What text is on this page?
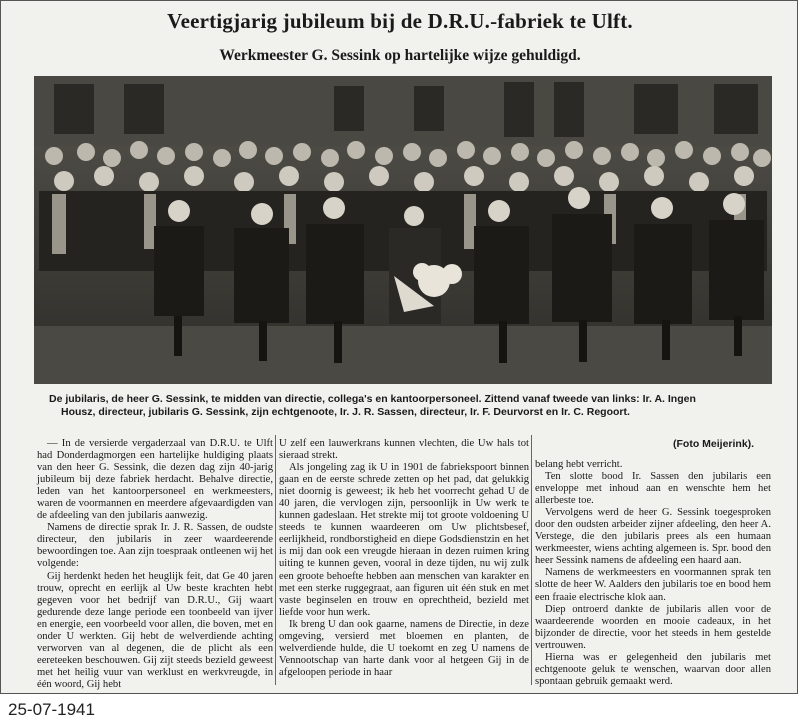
Veertigjarig jubileum bij de D.R.U.-fabriek te Ulft.
Werkmeester G. Sessink op hartelijke wijze gehuldigd.
De jubilaris, de heer G. Sessink, te midden van directie, collega's en kantoorpersoneel. Zittend vanaf tweede van links: Ir. A. Ingen
Housz, directeur, jubilaris G. Sessink, zijn echtgenoote, Ir. J. R. Sassen, directeur, Ir. F. Deurvorst en Ir. C. Regoort.

— In de versierde vergaderzaal van D.R.U. te Ulft had Donderdagmorgen een hartelijke huldiging plaats van den heer G. Sessink, die dezen dag zijn 40-jarig jubileum bij deze fabriek herdacht. Behalve directie, leden van het kantoorpersoneel en werkmeesters, waren de voormannen en meerdere afgevaardigden van de afdeeling van den jubilaris aanwezig.

Namens de directie sprak Ir. J. R. Sassen, de oudste directeur, den jubilaris in zeer waardeerende bewoordingen toe. Aan zijn toespraak ontleenen wij het volgende:

Gij herdenkt heden het heuglijk feit, dat Ge 40 jaren trouw, oprecht en eerlijk al Uw beste krachten hebt gegeven voor het bedrijf van D.R.U., Gij waart gedurende deze lange periode een toonbeeld van ijver en energie, een voorbeeld voor allen, die boven, met en onder U werkten. Gij hebt de welverdiende achting verworven van al degenen, die de plicht als een eereteeken beschouwen. Gij zijt steeds bezield geweest met het heilig vuur van werklust en werkvreugde, in één woord, Gij hebt

U zelf een lauwerkrans kunnen vlechten, die Uw hals tot sieraad strekt.

Als jongeling zag ik U in 1901 de fabriekspoort binnen gaan en de eerste schrede zetten op het pad, dat gelukkig niet doornig is geweest; ik heb het voorrecht gehad U de 40 jaren, die vervlogen zijn, persoonlijk in Uw werk te kunnen gadeslaan. Het strekte mij tot groote voldoening U steeds te kunnen waardeeren om Uw plichtsbesef, eerlijkheid, rondborstigheid en diepe Godsdienstzin en het is mij dan ook een vreugde hieraan in dezen ruimen kring uiting te kunnen geven, vooral in deze tijden, nu wij zulk een groote behoefte hebben aan menschen van karakter en met een sterke ruggegraat, aan figuren uit één stuk en met vaste beginselen en trouw en oprechtheid, bezield met liefde voor hun werk.

Ik breng U dan ook gaarne, namens de Directie, in deze omgeving, versierd met bloemen en planten, de welverdiende hulde, die U toekomt en zeg U namens de Vennootschap van harte dank voor al hetgeen Gij in de afgeloopen periode in haar

(Foto Meijerink).

belang hebt verricht.

Ten slotte bood Ir. Sassen den jubilaris een enveloppe met inhoud aan en wenschte hem het allerbeste toe.

Vervolgens werd de heer G. Sessink toegesproken door den oudsten arbeider zijner afdeeling, den heer A. Verstege, die den jubilaris prees als een humaan werkmeester, wiens achting algemeen is. Spr. bood den heer Sessink namens de afdeeling een haard aan.

Namens de werkmeesters en voormannen sprak ten slotte de heer W. Aalders den jubilaris toe en bood hem een fraaie electrische klok aan.

Diep ontroerd dankte de jubilaris allen voor de waardeerende woorden en mooie cadeaux, in het bijzonder de directie, voor het steeds in hem gestelde vertrouwen.

Hierna was er gelegenheid den jubilaris met echtgenoote geluk te wenschen, waarvan door allen spontaan gebruik gemaakt werd.

25-07-1941
